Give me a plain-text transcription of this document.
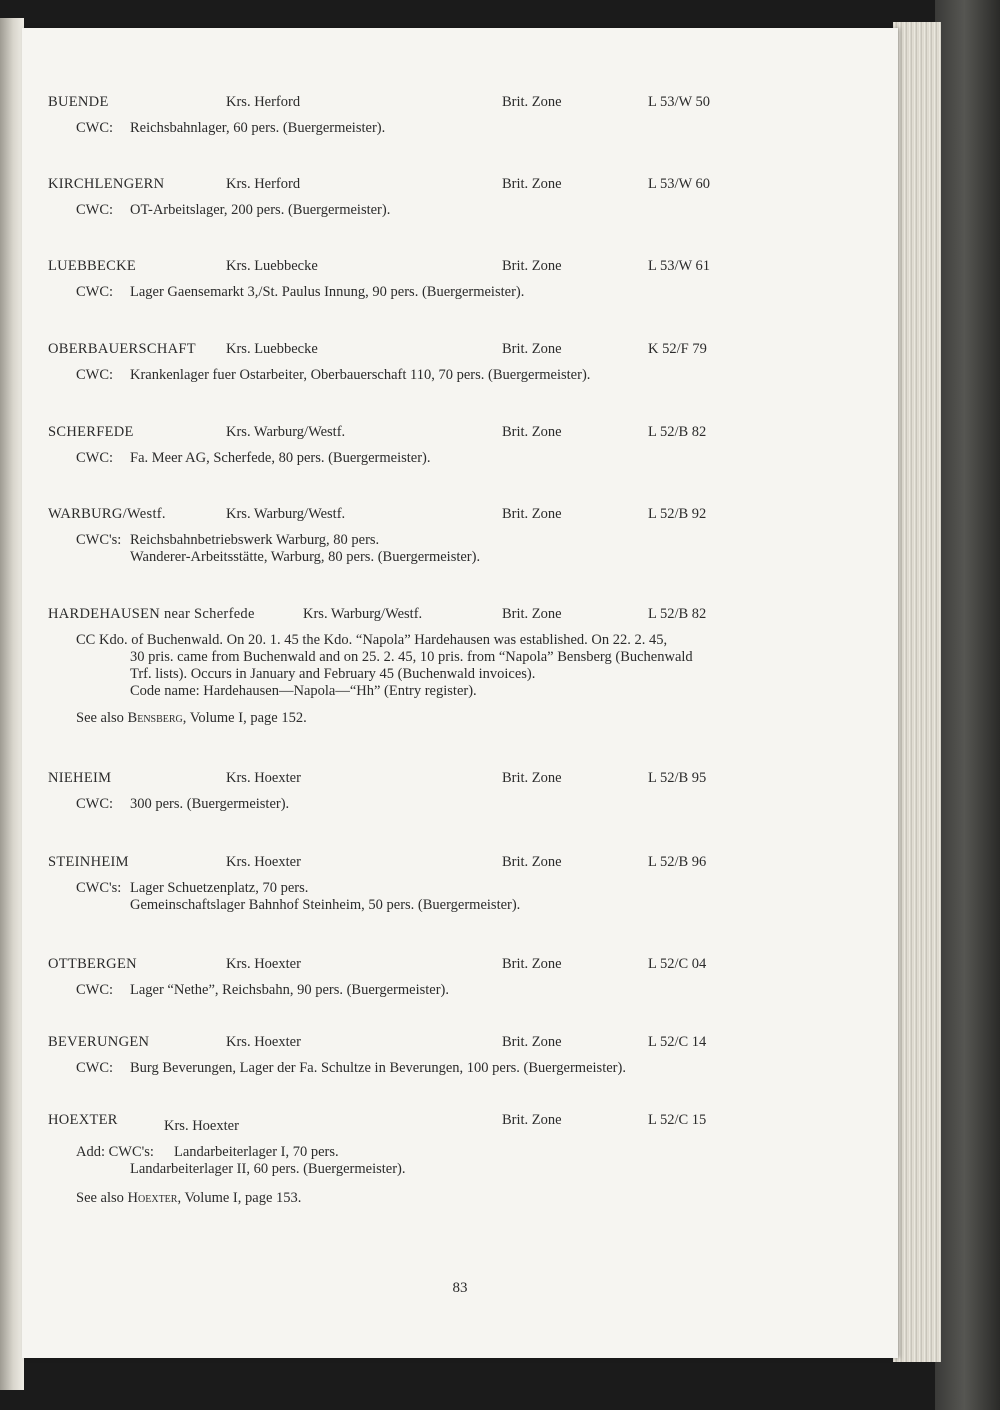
BUENDE	Krs. Herford	Brit. Zone	L 53/W 50
CWC: Reichsbahnlager, 60 pers. (Buergermeister).
KIRCHLENGERN	Krs. Herford	Brit. Zone	L 53/W 60
CWC: OT-Arbeitslager, 200 pers. (Buergermeister).
LUEBBECKE	Krs. Luebbecke	Brit. Zone	L 53/W 61
CWC: Lager Gaensemarkt 3,/St. Paulus Innung, 90 pers. (Buergermeister).
OBERBAUERSCHAFT Krs. Luebbecke	Brit. Zone	K 52/F 79
CWC: Krankenlager fuer Ostarbeiter, Oberbauerschaft 110, 70 pers. (Buergermeister).
SCHERFEDE	Krs. Warburg/Westf.	Brit. Zone	L 52/B 82
CWC: Fa. Meer AG, Scherfede, 80 pers. (Buergermeister).
WARBURG/Westf.	Krs. Warburg/Westf.	Brit. Zone	L 52/B 92
CWC's: Reichsbahnbetriebswerk Warburg, 80 pers.
Wanderer-Arbeitsstätte, Warburg, 80 pers. (Buergermeister).
HARDEHAUSEN near Scherfede	Krs. Warburg/Westf.	Brit. Zone	L 52/B 82
CC Kdo. of Buchenwald. On 20. 1. 45 the Kdo. “Napola” Hardehausen was established. On 22. 2. 45,
30 pris. came from Buchenwald and on 25. 2. 45, 10 pris. from “Napola” Bensberg (Buchenwald
Trf. lists). Occurs in January and February 45 (Buchenwald invoices).
Code name: Hardehausen—Napola—“Hh” (Entry register).
See also Bensberg, Volume I, page 152.
NIEHEIM	Krs. Hoexter	Brit. Zone	L 52/B 95
CWC: 300 pers. (Buergermeister).
STEINHEIM	Krs. Hoexter	Brit. Zone	L 52/B 96
CWC's: Lager Schuetzenplatz, 70 pers.
Gemeinschaftslager Bahnhof Steinheim, 50 pers. (Buergermeister).
OTTBERGEN	Krs. Hoexter	Brit. Zone	L 52/C 04
CWC: Lager “Nethe”, Reichsbahn, 90 pers. (Buergermeister).
BEVERUNGEN	Krs. Hoexter	Brit. Zone	L 52/C 14
CWC: Burg Beverungen, Lager der Fa. Schultze in Beverungen, 100 pers. (Buergermeister).
HOEXTER	Krs. Hoexter	Brit. Zone	L 52/C 15
Add: CWC's: Landarbeiterlager I, 70 pers.
Landarbeiterlager II, 60 pers. (Buergermeister).
See also Hoexter, Volume I, page 153.
83
